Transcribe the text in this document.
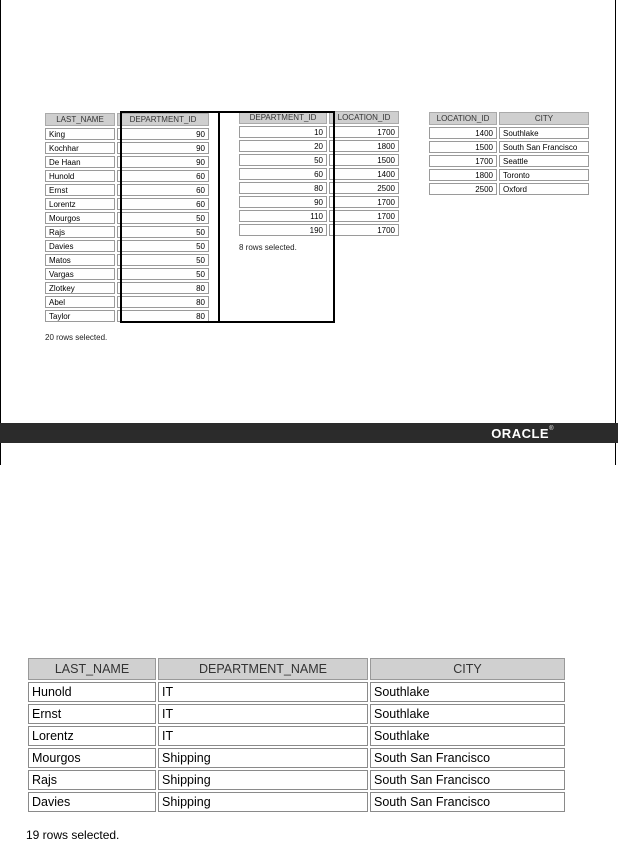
LAST_NAME	DEPARTMENT_ID
King	90
Kochhar	90
De Haan	90
Hunold	60
Ernst	60
Lorentz	60
Mourgos	50
Rajs	50
Davies	50
Matos	50
Vargas	50
Zlotkey	80
Abel	80
Taylor	80
20 rows selected.
DEPARTMENT_ID	LOCATION_ID
10	1700
20	1800
50	1500
60	1400
80	2500
90	1700
110	1700
190	1700
8 rows selected.
LOCATION_ID	CITY
1400	Southlake
1500	South San Francisco
1700	Seattle
1800	Toronto
2500	Oxford
ORACLE®
LAST_NAME	DEPARTMENT_NAME	CITY
Hunold	IT	Southlake
Ernst	IT	Southlake
Lorentz	IT	Southlake
Mourgos	Shipping	South San Francisco
Rajs	Shipping	South San Francisco
Davies	Shipping	South San Francisco
19 rows selected.
